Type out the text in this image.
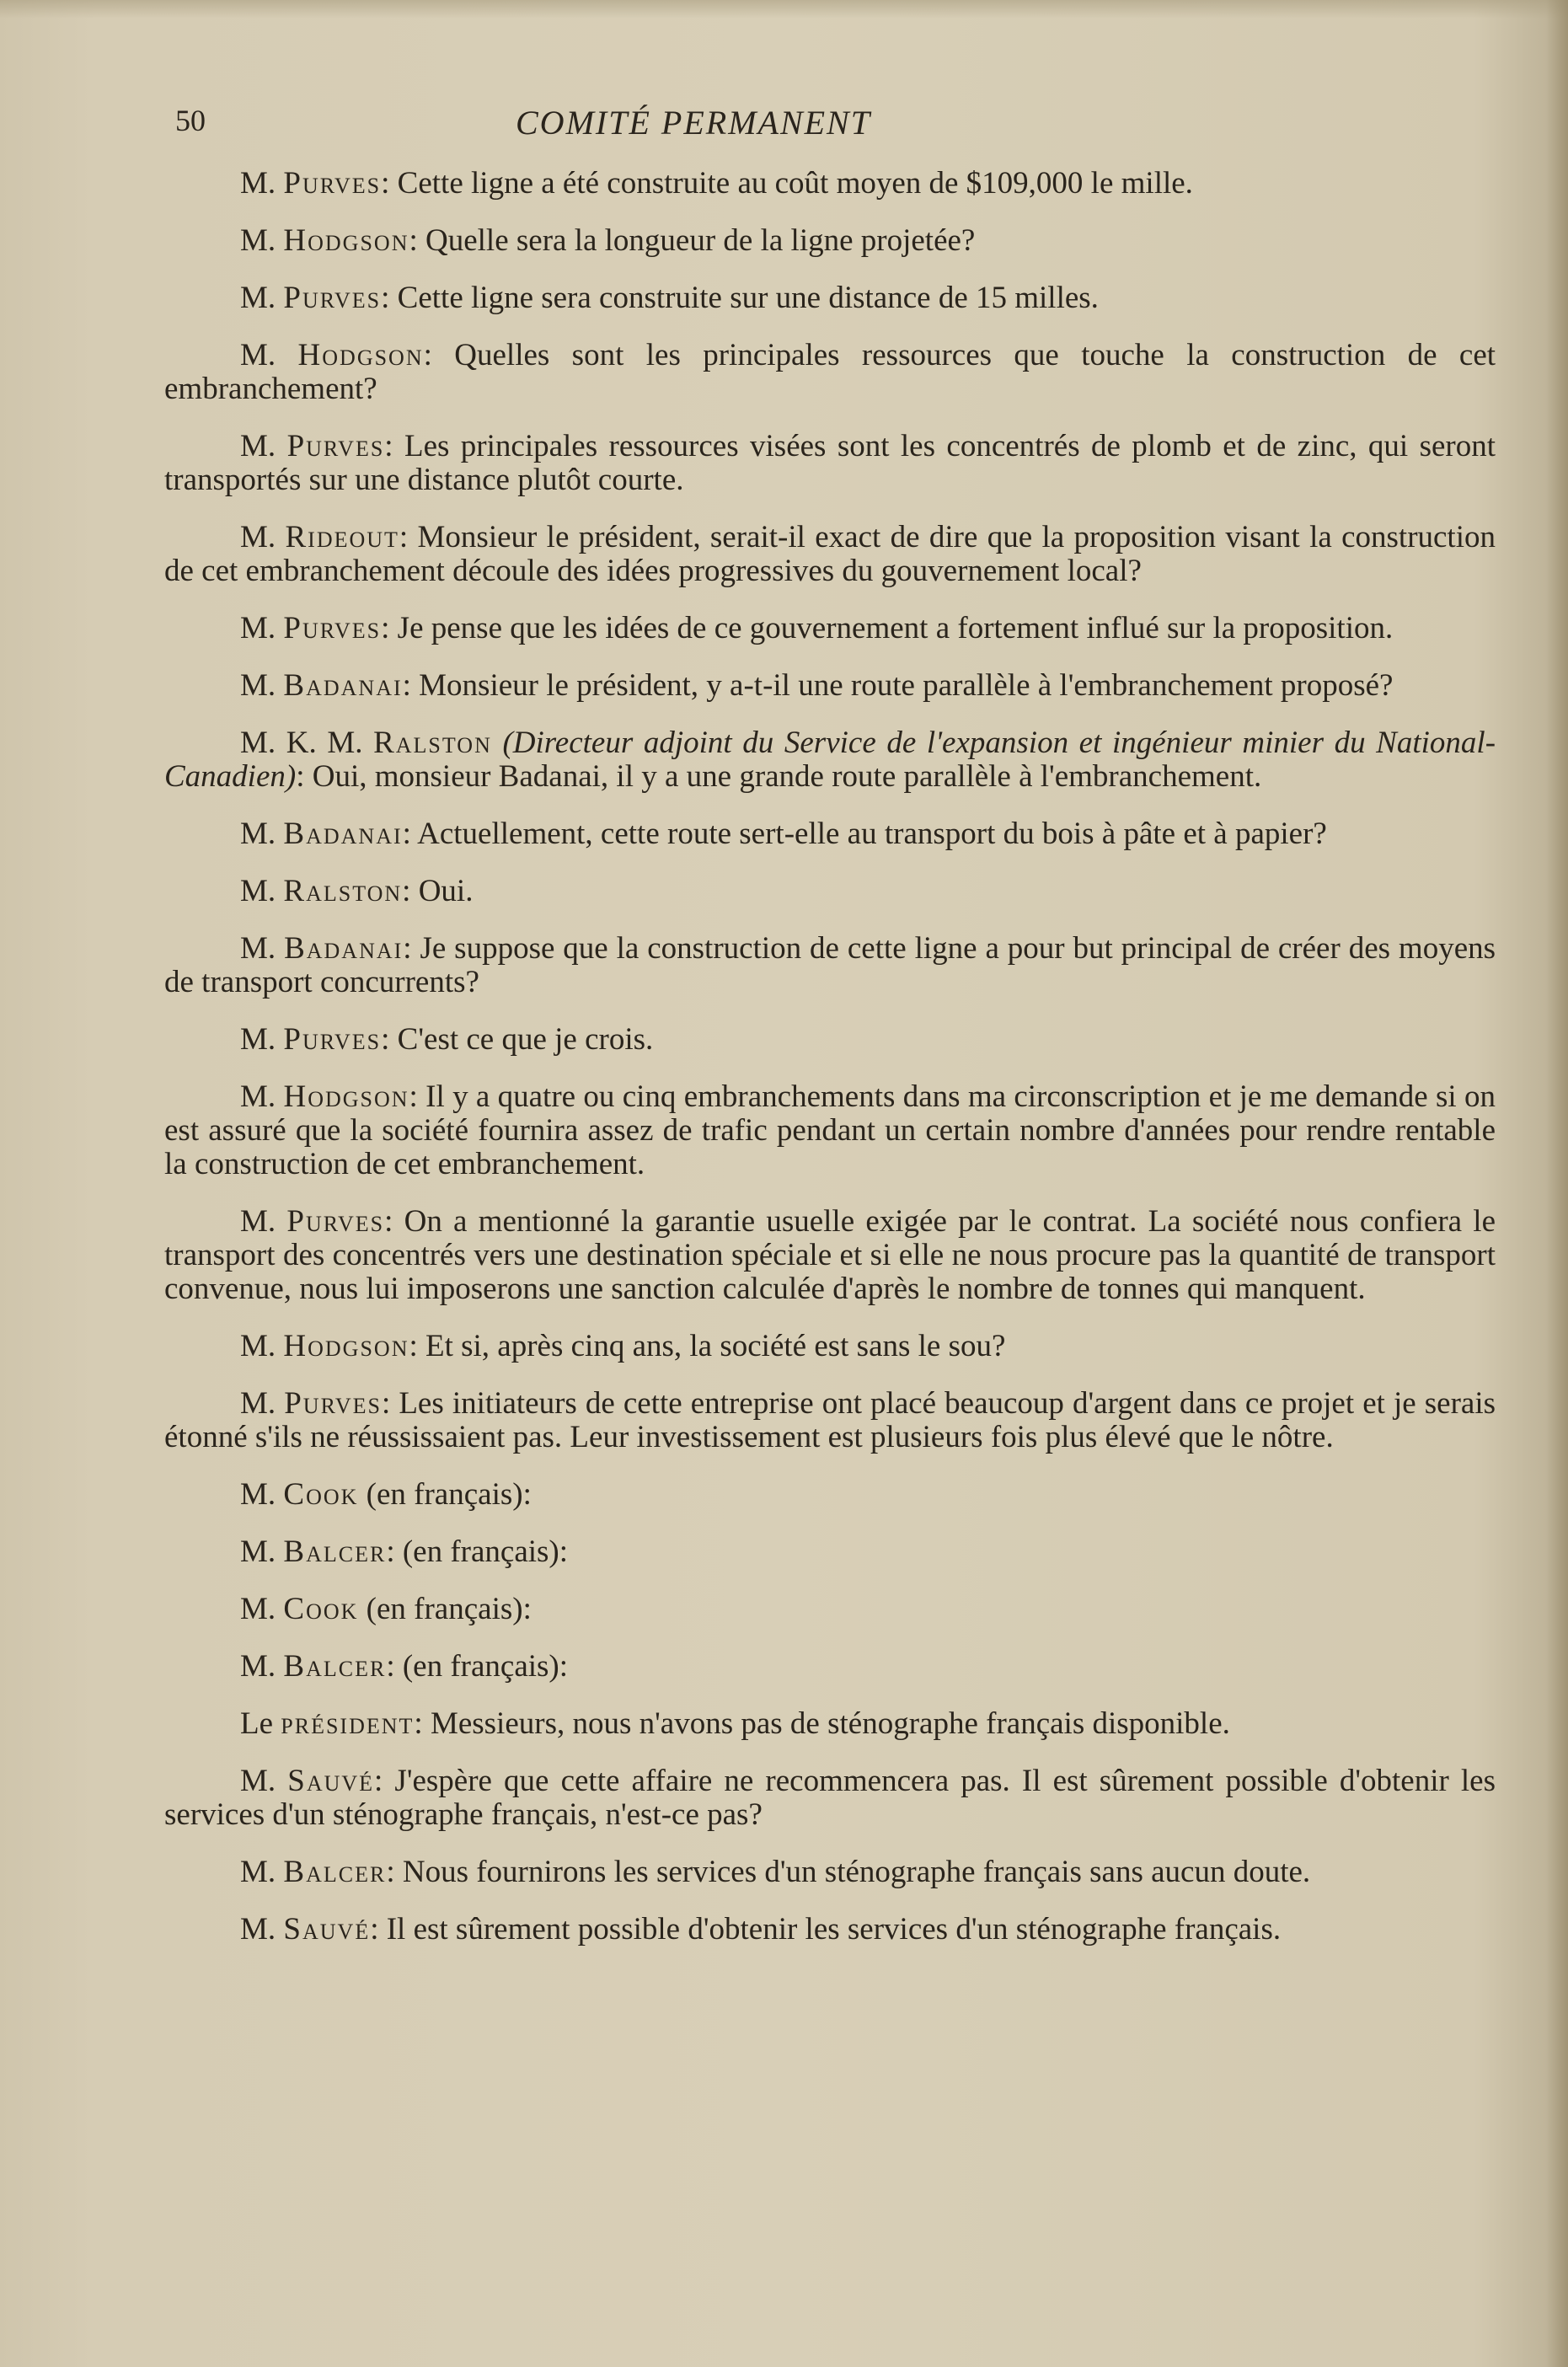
50	COMITÉ PERMANENT

M. Purves: Cette ligne a été construite au coût moyen de $109,000 le mille.

M. Hodgson: Quelle sera la longueur de la ligne projetée?

M. Purves: Cette ligne sera construite sur une distance de 15 milles.

M. Hodgson: Quelles sont les principales ressources que touche la construction de cet embranchement?

M. Purves: Les principales ressources visées sont les concentrés de plomb et de zinc, qui seront transportés sur une distance plutôt courte.

M. Rideout: Monsieur le président, serait-il exact de dire que la proposition visant la construction de cet embranchement découle des idées progressives du gouvernement local?

M. Purves: Je pense que les idées de ce gouvernement a fortement influé sur la proposition.

M. Badanai: Monsieur le président, y a-t-il une route parallèle à l'embranchement proposé?

M. K. M. Ralston (Directeur adjoint du Service de l'expansion et ingénieur minier du National-Canadien): Oui, monsieur Badanai, il y a une grande route parallèle à l'embranchement.

M. Badanai: Actuellement, cette route sert-elle au transport du bois à pâte et à papier?

M. Ralston: Oui.

M. Badanai: Je suppose que la construction de cette ligne a pour but principal de créer des moyens de transport concurrents?

M. Purves: C'est ce que je crois.

M. Hodgson: Il y a quatre ou cinq embranchements dans ma circonscription et je me demande si on est assuré que la société fournira assez de trafic pendant un certain nombre d'années pour rendre rentable la construction de cet embranchement.

M. Purves: On a mentionné la garantie usuelle exigée par le contrat. La société nous confiera le transport des concentrés vers une destination spéciale et si elle ne nous procure pas la quantité de transport convenue, nous lui imposerons une sanction calculée d'après le nombre de tonnes qui manquent.

M. Hodgson: Et si, après cinq ans, la société est sans le sou?

M. Purves: Les initiateurs de cette entreprise ont placé beaucoup d'argent dans ce projet et je serais étonné s'ils ne réussissaient pas. Leur investissement est plusieurs fois plus élevé que le nôtre.

M. Cook (en français):

M. Balcer: (en français):

M. Cook (en français):

M. Balcer: (en français):

Le président: Messieurs, nous n'avons pas de sténographe français disponible.

M. Sauvé: J'espère que cette affaire ne recommencera pas. Il est sûrement possible d'obtenir les services d'un sténographe français, n'est-ce pas?

M. Balcer: Nous fournirons les services d'un sténographe français sans aucun doute.

M. Sauvé: Il est sûrement possible d'obtenir les services d'un sténographe français.
